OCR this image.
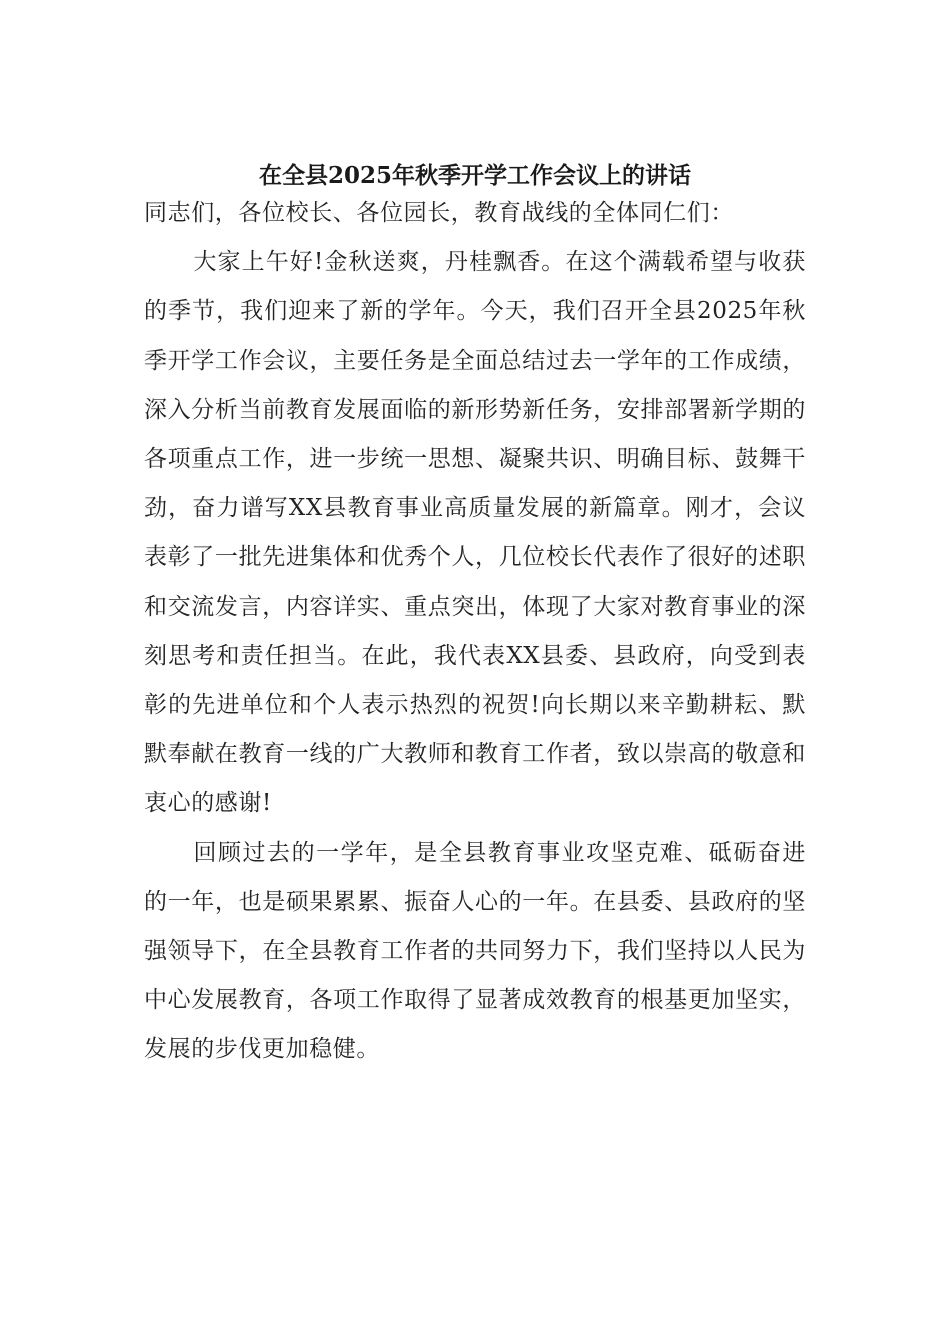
在全县2025年秋季开学工作会议上的讲话

同志们，各位校长、各位园长，教育战线的全体同仁们：

大家上午好!金秋送爽，丹桂飘香。在这个满载希望与收获的季节，我们迎来了新的学年。今天，我们召开全县2025年秋季开学工作会议，主要任务是全面总结过去一学年的工作成绩，深入分析当前教育发展面临的新形势新任务，安排部署新学期的各项重点工作，进一步统一思想、凝聚共识、明确目标、鼓舞干劲，奋力谱写XX县教育事业高质量发展的新篇章。刚才，会议表彰了一批先进集体和优秀个人，几位校长代表作了很好的述职和交流发言，内容详实、重点突出，体现了大家对教育事业的深刻思考和责任担当。在此，我代表XX县委、县政府，向受到表彰的先进单位和个人表示热烈的祝贺!向长期以来辛勤耕耘、默默奉献在教育一线的广大教师和教育工作者，致以崇高的敬意和衷心的感谢!

回顾过去的一学年，是全县教育事业攻坚克难、砥砺奋进的一年，也是硕果累累、振奋人心的一年。在县委、县政府的坚强领导下，在全县教育工作者的共同努力下，我们坚持以人民为中心发展教育，各项工作取得了显著成效教育的根基更加坚实，发展的步伐更加稳健。
